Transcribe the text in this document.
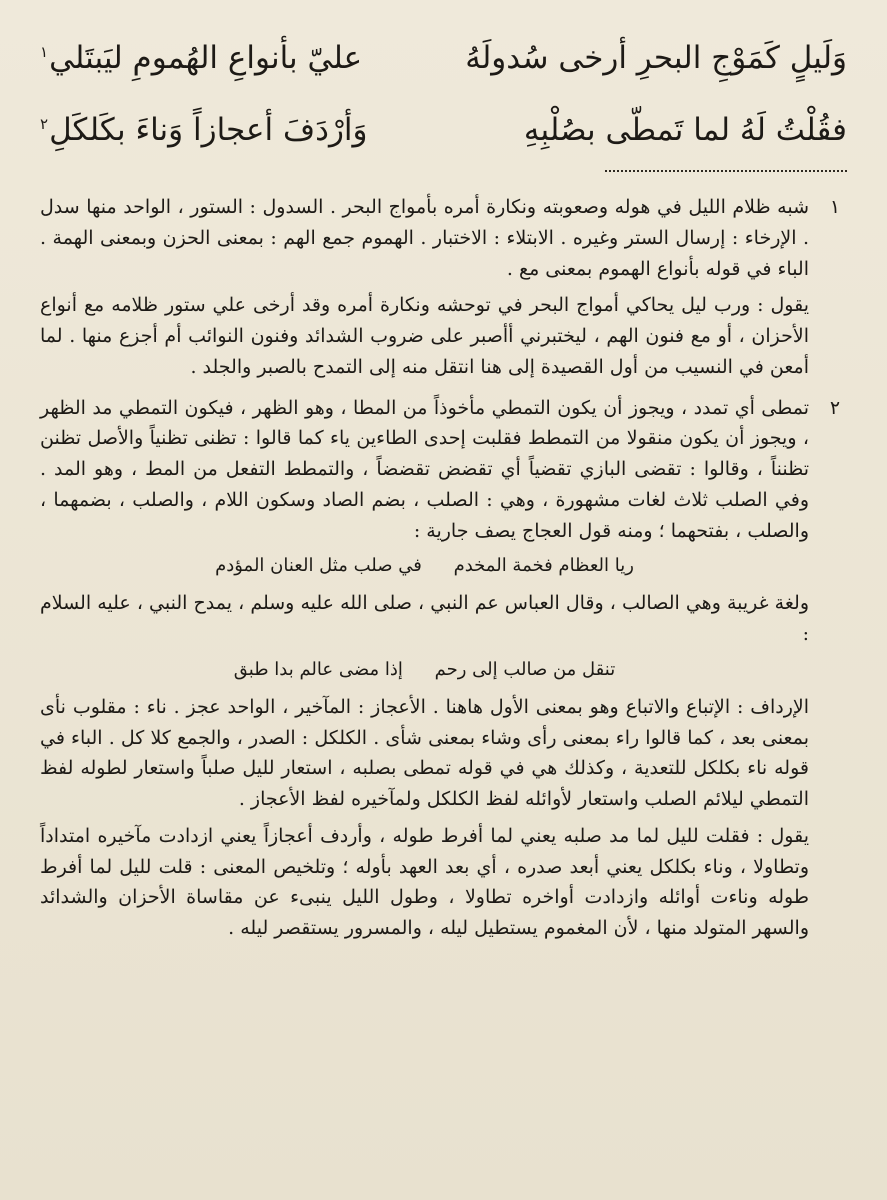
وَلَيلٍ كَمَوْجِ البحرِ أرخى سُدولَهُ
عليّ بأنواعِ الهُمومِ ليَبتَلي$^١$
فقُلْتُ لَهُ لما تَمطّى بصُلْبِهِ
وَأرْدَفَ أعجازاً وَناءَ بكَلكَلِ$^٢$
١

شبه ظلام الليل في هوله وصعوبته ونكارة أمره بأمواج البحر . السدول : الستور ، الواحد منها سدل . الإرخاء : إرسال الستر وغيره . الابتلاء : الاختبار . الهموم جمع الهم : بمعنى الحزن وبمعنى الهمة . الباء في قوله بأنواع الهموم بمعنى مع .

يقول : ورب ليل يحاكي أمواج البحر في توحشه ونكارة أمره وقد أرخى علي ستور ظلامه مع أنواع الأحزان ، أو مع فنون الهم ، ليختبرني أأصبر على ضروب الشدائد وفنون النوائب أم أجزع منها . لما أمعن في النسيب من أول القصيدة إلى هنا انتقل منه إلى التمدح بالصبر والجلد .

٢

تمطى أي تمدد ، ويجوز أن يكون التمطي مأخوذاً من المطا ، وهو الظهر ، فيكون التمطي مد الظهر ، ويجوز أن يكون منقولا من التمطط فقلبت إحدى الطاءين ياء كما قالوا : تظنى تظنياً والأصل تظنن تظنناً ، وقالوا : تقضى البازي تقضياً أي تقضض تقضضاً ، والتمطط التفعل من المط ، وهو المد . وفي الصلب ثلاث لغات مشهورة ، وهي : الصلب ، بضم الصاد وسكون اللام ، والصلب ، بضمهما ، والصلب ، بفتحهما ؛ ومنه قول العجاج يصف جارية :

ريا العظام فخمة المخدم في صلب مثل العنان المؤدم

ولغة غريبة وهي الصالب ، وقال العباس عم النبي ، صلى الله عليه وسلم ، يمدح النبي ، عليه السلام :

تنقل من صالب إلى رحم إذا مضى عالم بدا طبق

الإرداف : الإتباع والاتباع وهو بمعنى الأول هاهنا . الأعجاز : المآخير ، الواحد عجز . ناء : مقلوب نأى بمعنى بعد ، كما قالوا راء بمعنى رأى وشاء بمعنى شأى . الكلكل : الصدر ، والجمع كلا كل . الباء في قوله ناء بكلكل للتعدية ، وكذلك هي في قوله تمطى بصلبه ، استعار لليل صلباً واستعار لطوله لفظ التمطي ليلائم الصلب واستعار لأوائله لفظ الكلكل ولمآخيره لفظ الأعجاز .

يقول : فقلت لليل لما مد صلبه يعني لما أفرط طوله ، وأردف أعجازاً يعني ازدادت مآخيره امتداداً وتطاولا ، وناء بكلكل يعني أبعد صدره ، أي بعد العهد بأوله ؛ وتلخيص المعنى : قلت لليل لما أفرط طوله وناءت أوائله وازدادت أواخره تطاولا ، وطول الليل ينبىء عن مقاساة الأحزان والشدائد والسهر المتولد منها ، لأن المغموم يستطيل ليله ، والمسرور يستقصر ليله .
